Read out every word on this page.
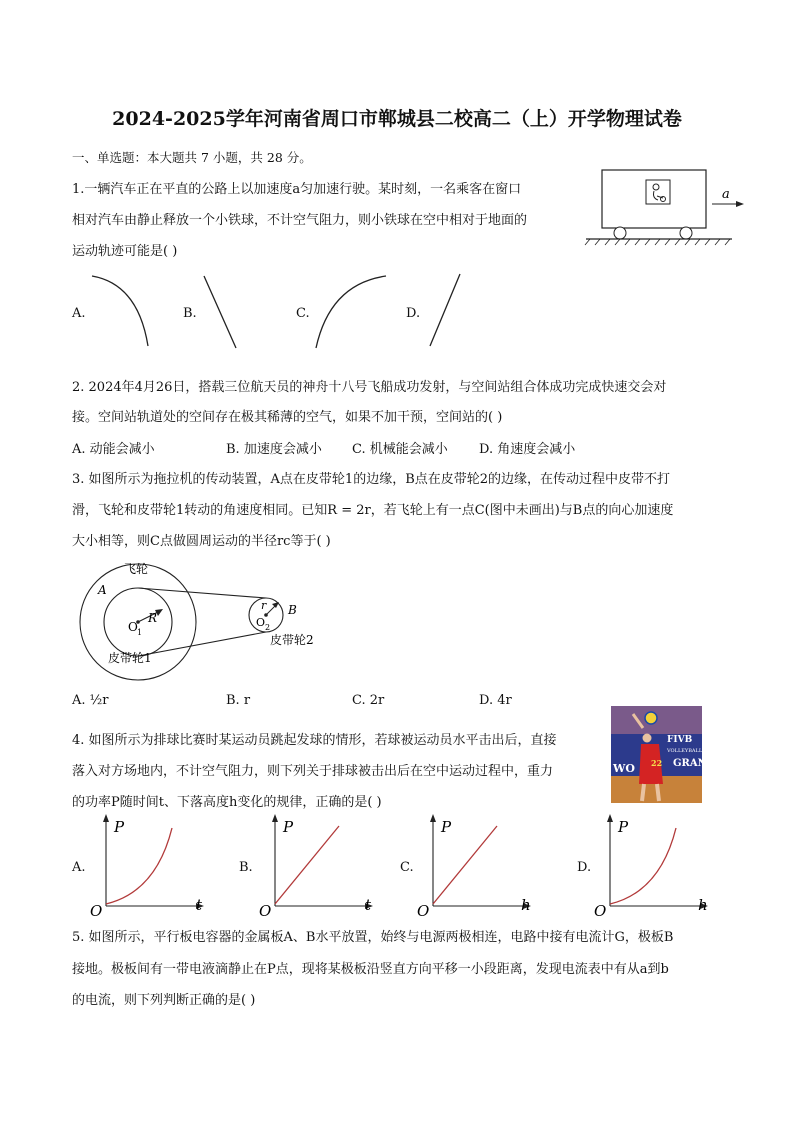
2024-2025学年河南省周口市郸城县二校高二（上）开学物理试卷
一、单选题：本大题共 7 小题，共 28 分。
1.一辆汽车正在平直的公路上以加速度a匀加速行驶。某时刻，一名乘客在窗口
相对汽车由静止释放一个小铁球，不计空气阻力，则小铁球在空中相对于地面的
运动轨迹可能是( )
a
A.	B.	C.	D.
2. 2024年4月26日，搭载三位航天员的神舟十八号飞船成功发射，与空间站组合体成功完成快速交会对
接。空间站轨道处的空间存在极其稀薄的空气，如果不加干预，空间站的( )
A. 动能会减小	B. 加速度会减小 C. 机械能会减小 D. 角速度会减小
3. 如图所示为拖拉机的传动装置，A点在皮带轮1的边缘，B点在皮带轮2的边缘，在传动过程中皮带不打
滑，飞轮和皮带轮1转动的角速度相同。已知R = 2r，若飞轮上有一点C(图中未画出)与B点的向心加速度
大小相等，则C点做圆周运动的半径rc等于( )
飞轮
A
R
O 1
r B
O 2
皮带轮1
皮带轮2
A. ½r	B. r	C. 2r	D. 4r
4. 如图所示为排球比赛时某运动员跳起发球的情形，若球被运动员水平击出后，直接
落入对方场地内，不计空气阻力，则下列关于排球被击出后在空中运动过程中，重力
的功率P随时间t、下落高度h变化的规律，正确的是( )
FIVB
VOLLEYBALL
WO	GRAN
22
A.
P
O	t
B.
P
O	t
C.
P
O	h
D.
P
O	h
5. 如图所示，平行板电容器的金属板A、B水平放置，始终与电源两极相连，电路中接有电流计G，极板B
接地。极板间有一带电液滴静止在P点，现将某极板沿竖直方向平移一小段距离，发现电流表中有从a到b
的电流，则下列判断正确的是( )
